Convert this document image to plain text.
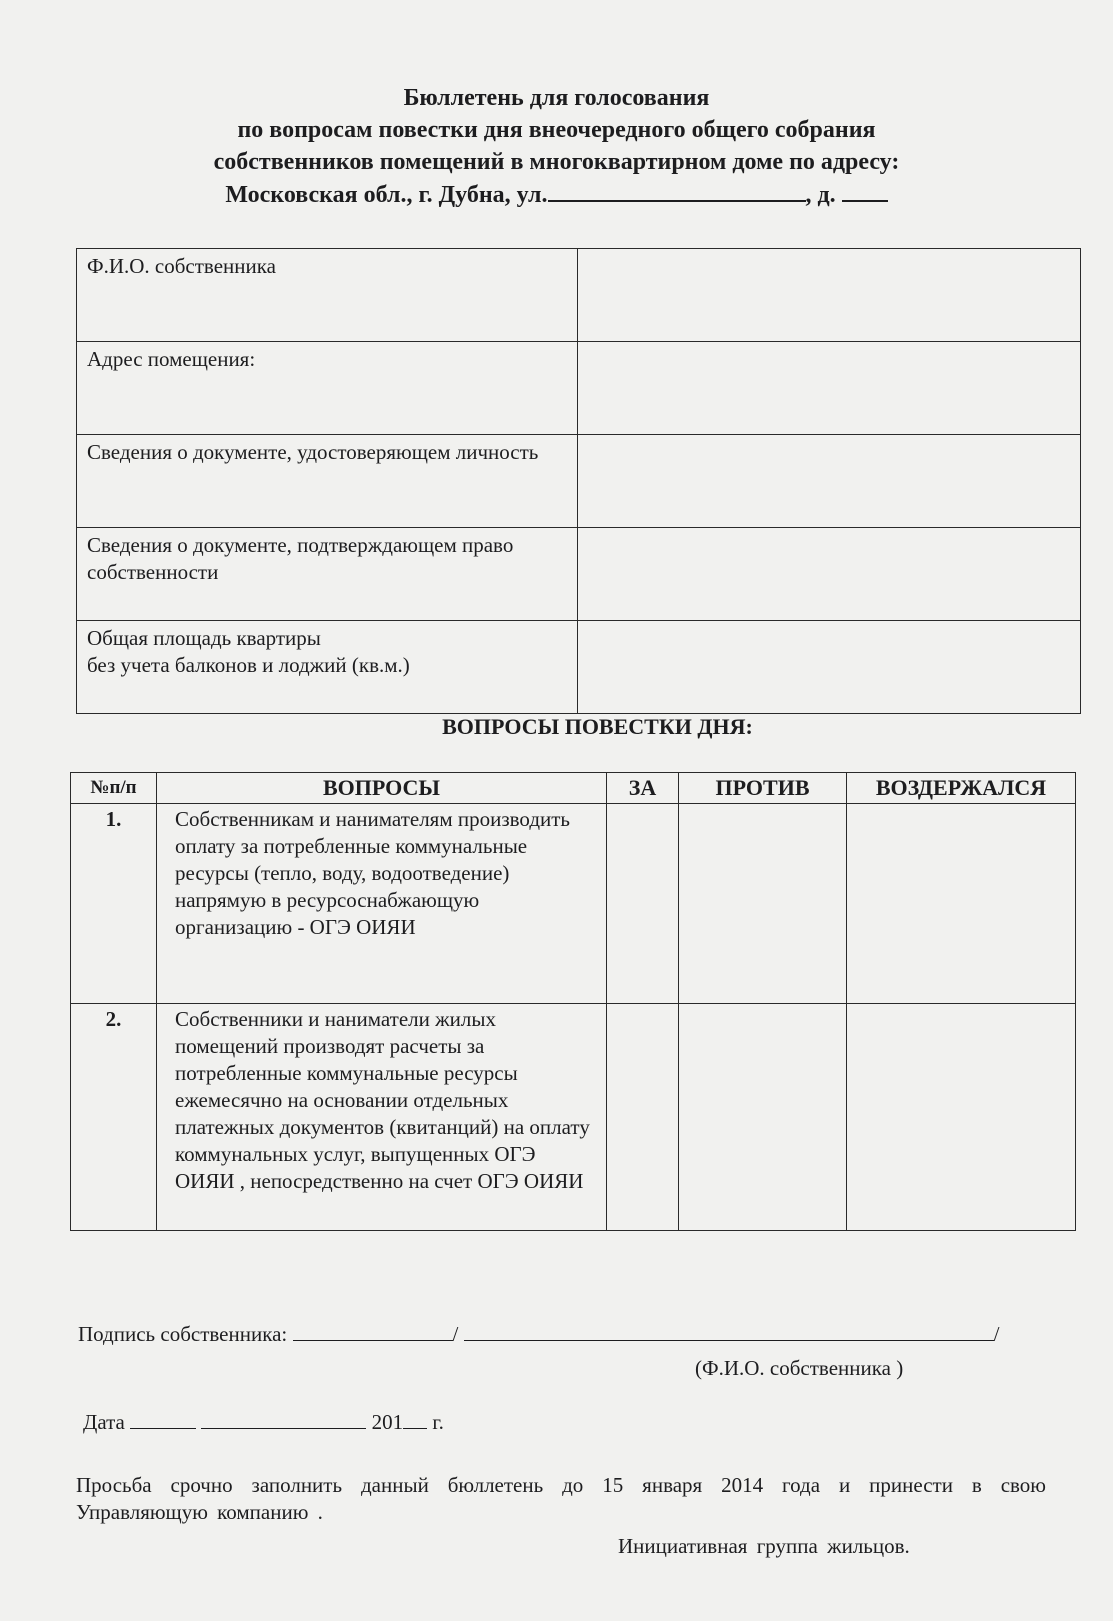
Бюллетень для голосования
по вопросам повестки дня внеочередного общего собрания
собственников помещений в многоквартирном доме по адресу:
Московская обл., г. Дубна, ул.	, д.
Ф.И.О. собственника	
Адрес помещения:	
Сведения о документе, удостоверяющем личность	
Сведения о документе, подтверждающем право собственности	
Общая площадь квартиры
без учета балконов и лоджий (кв.м.)	
ВОПРОСЫ ПОВЕСТКИ ДНЯ:
№п/п	ВОПРОСЫ	ЗА	ПРОТИВ	ВОЗДЕРЖАЛСЯ
1.	Собственникам и нанимателям производить оплату за потребленные коммунальные ресурсы (тепло, воду, водоотведение) напрямую в ресурсоснабжающую организацию - ОГЭ ОИЯИ			
2.	Собственники и наниматели жилых помещений производят расчеты за потребленные коммунальные ресурсы ежемесячно на основании отдельных платежных документов (квитанций) на оплату коммунальных услуг, выпущенных ОГЭ ОИЯИ , непосредственно на счет ОГЭ ОИЯИ			
Подпись собственника:	/	/
(Ф.И.О. собственника )
Дата	201 г.
Просьба срочно заполнить данный бюллетень до 15 января 2014 года и принести в свою Управляющую компанию .
Инициативная группа жильцов.
